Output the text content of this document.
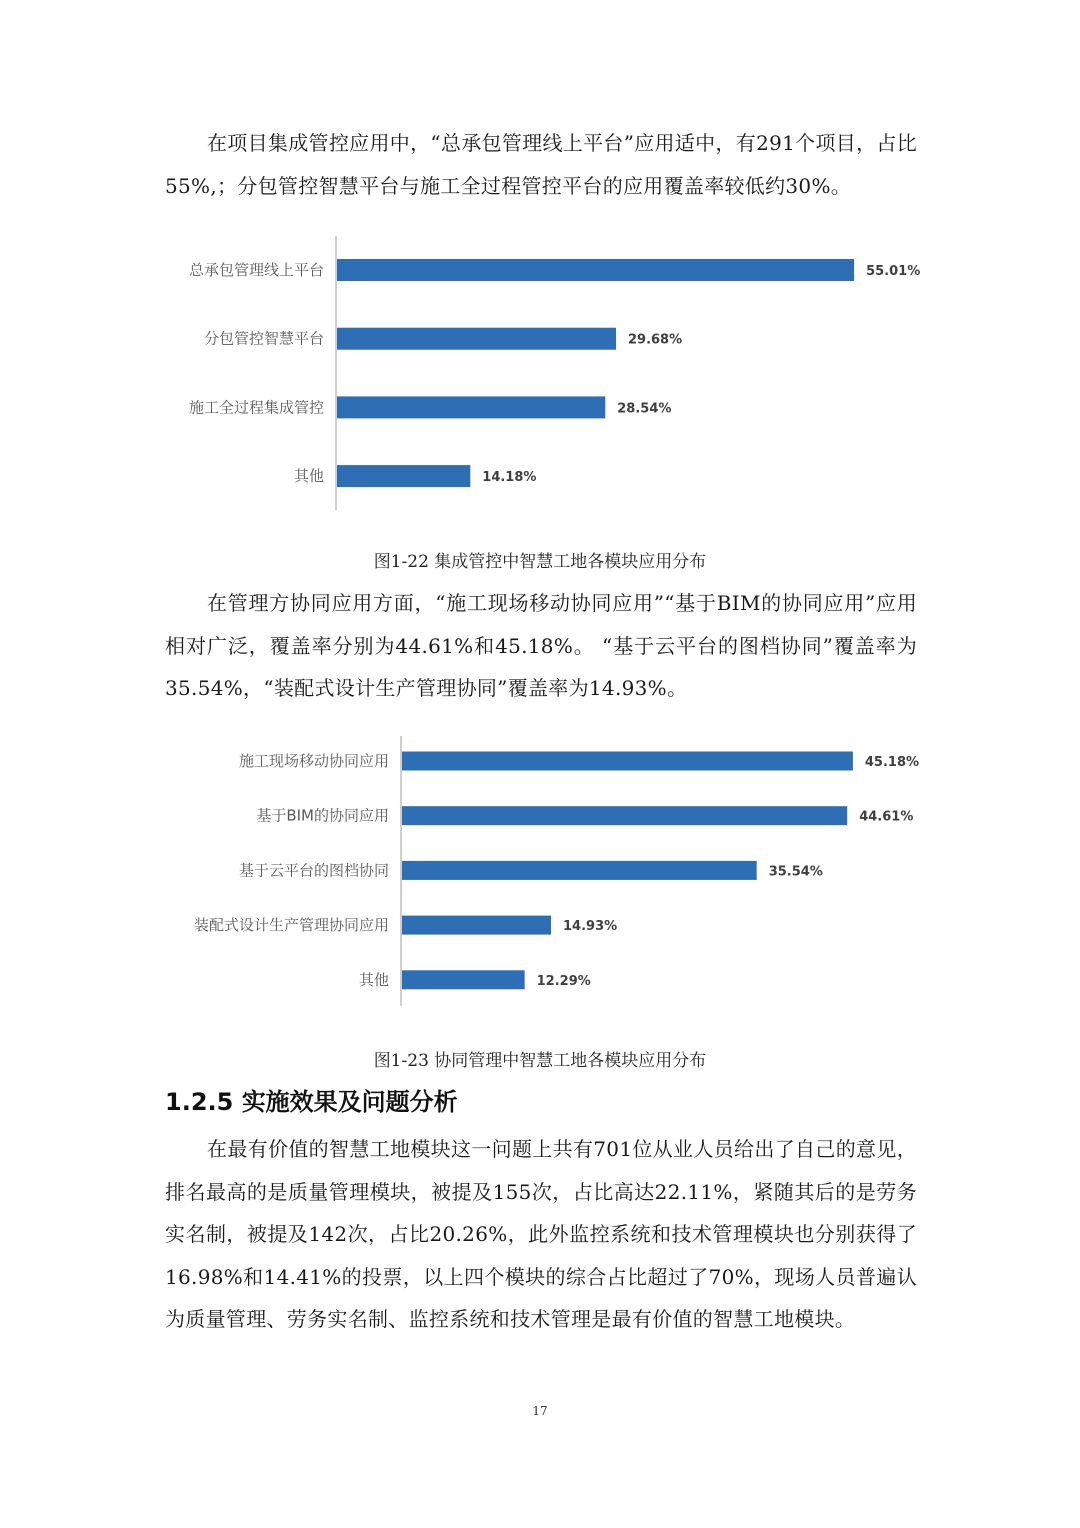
在项目集成管控应用中，“总承包管理线上平台”应用适中，有291个项目，占比55%,；分包管控智慧平台与施工全过程管控平台的应用覆盖率较低约30%。

总承包管理线上平台	55.01%
分包管控智慧平台	29.68%
施工全过程集成管控	28.54%
其他	14.18%
图1-22 集成管控中智慧工地各模块应用分布

在管理方协同应用方面，“施工现场移动协同应用”“基于BIM的协同应用”应用相对广泛，覆盖率分别为44.61%和45.18%。 “基于云平台的图档协同”覆盖率为35.54%，“装配式设计生产管理协同”覆盖率为14.93%。

施工现场移动协同应用	45.18%
基于BIM的协同应用	44.61%
基于云平台的图档协同	35.54%
装配式设计生产管理协同应用	14.93%
其他	12.29%
图1-23 协同管理中智慧工地各模块应用分布
1.2.5 实施效果及问题分析

在最有价值的智慧工地模块这一问题上共有701位从业人员给出了自己的意见，排名最高的是质量管理模块，被提及155次，占比高达22.11%，紧随其后的是劳务实名制，被提及142次，占比20.26%，此外监控系统和技术管理模块也分别获得了16.98%和14.41%的投票，以上四个模块的综合占比超过了70%，现场人员普遍认为质量管理、劳务实名制、监控系统和技术管理是最有价值的智慧工地模块。

17
